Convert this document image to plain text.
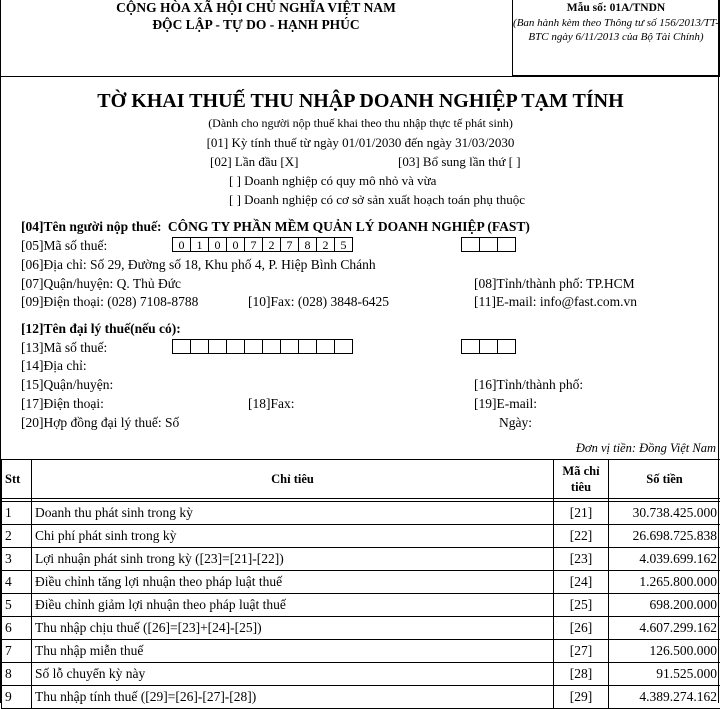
CỘNG HÒA XÃ HỘI CHỦ NGHĨA VIỆT NAM
ĐỘC LẬP - TỰ DO - HẠNH PHÚC
Mẫu số: 01A/TNDN
(Ban hành kèm theo Thông tư số 156/2013/TT-BTC ngày 6/11/2013 của Bộ Tài Chính)
TỜ KHAI THUẾ THU NHẬP DOANH NGHIỆP TẠM TÍNH
(Dành cho người nộp thuế khai theo thu nhập thực tế phát sinh)
[01] Kỳ tính thuế từ ngày 01/01/2030 đến ngày 31/03/2030
[02] Lần đầu [X]	[03] Bổ sung lần thứ [ ]
[ ] Doanh nghiệp có quy mô nhỏ và vừa
[ ] Doanh nghiệp có cơ sở sản xuất hoạch toán phụ thuộc
[04]Tên người nộp thuế: CÔNG TY PHẦN MỀM QUẢN LÝ DOANH NGHIỆP (FAST)
[05]Mã số thuế:	0	1	0	0	7	2	7	8	2	5
[06]Địa chỉ: Số 29, Đường số 18, Khu phố 4, P. Hiệp Bình Chánh
[07]Quận/huyện: Q. Thủ Đức	[08]Tỉnh/thành phố: TP.HCM
[09]Điện thoại: (028) 7108-8788	[10]Fax: (028) 3848-6425	[11]E-mail: info@fast.com.vn
[12]Tên đại lý thuế(nếu có):
[13]Mã số thuế:
[14]Địa chỉ:
[15]Quận/huyện:	[16]Tỉnh/thành phố:
[17]Điện thoại:	[18]Fax:	[19]E-mail:
[20]Hợp đồng đại lý thuế: Số	Ngày:
Đơn vị tiền: Đồng Việt Nam
Stt	Chỉ tiêu	Mã chỉ tiêu	Số tiền

1	Doanh thu phát sinh trong kỳ	[21]	30.738.425.000
2	Chi phí phát sinh trong kỳ	[22]	26.698.725.838
3	Lợi nhuận phát sinh trong kỳ ([23]=[21]-[22])	[23]	4.039.699.162
4	Điều chỉnh tăng lợi nhuận theo pháp luật thuế	[24]	1.265.800.000
5	Điều chỉnh giảm lợi nhuận theo pháp luật thuế	[25]	698.200.000
6	Thu nhập chịu thuế ([26]=[23]+[24]-[25])	[26]	4.607.299.162
7	Thu nhập miễn thuế	[27]	126.500.000
8	Số lỗ chuyển kỳ này	[28]	91.525.000
9	Thu nhập tính thuế ([29]=[26]-[27]-[28])	[29]	4.389.274.162
